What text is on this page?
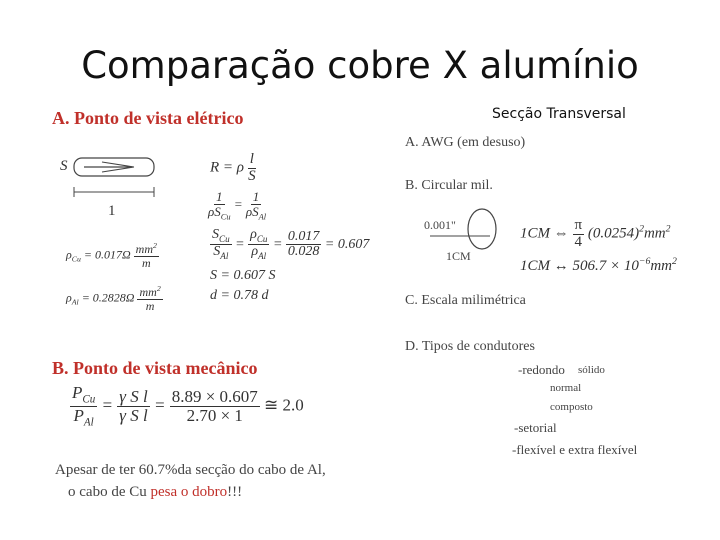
Comparação cobre X alumínio
A. Ponto de vista elétrico
S
1
R = ρ $\frac{l}{S}$
$\frac{1}{\rho S_{Cu}} = \frac{1}{\rho S_{Al}}$
$\frac{S_{Cu}}{S_{Al}} = \frac{\rho_{Cu}}{\rho_{Al}} = \frac{0.017}{0.028} = 0.607$
S = 0.607 S
d = 0.78 d
$\rho_{Cu} = 0.017\Omega \frac{mm^2}{m}$
$\rho_{Al} = 0.2828\Omega \frac{mm^2}{m}$
B. Ponto de vista mecânico
$\frac{P_{Cu}}{P_{Al}} = \frac{\text{γ S l}}{\text{γ S l}} = \frac{8.89 \times 0.607}{2.70 \times 1}$ ≅ 2.0
Apesar de ter 60.7%da secção do cabo de Al,
o cabo de Cu pesa o dobro!!!
Secção Transversal
A. AWG (em desuso)
B. Circular mil.
0.001"
1CM
1CM ⇔ $\frac{\pi}{4} (0.0254)^2mm^2$
1CM ↔ $506.7 \times 10^{-6}mm^2$
C. Escala milimétrica
D. Tipos de condutores
-redondo sólido
normal
composto
-setorial
-flexível e extra flexível
